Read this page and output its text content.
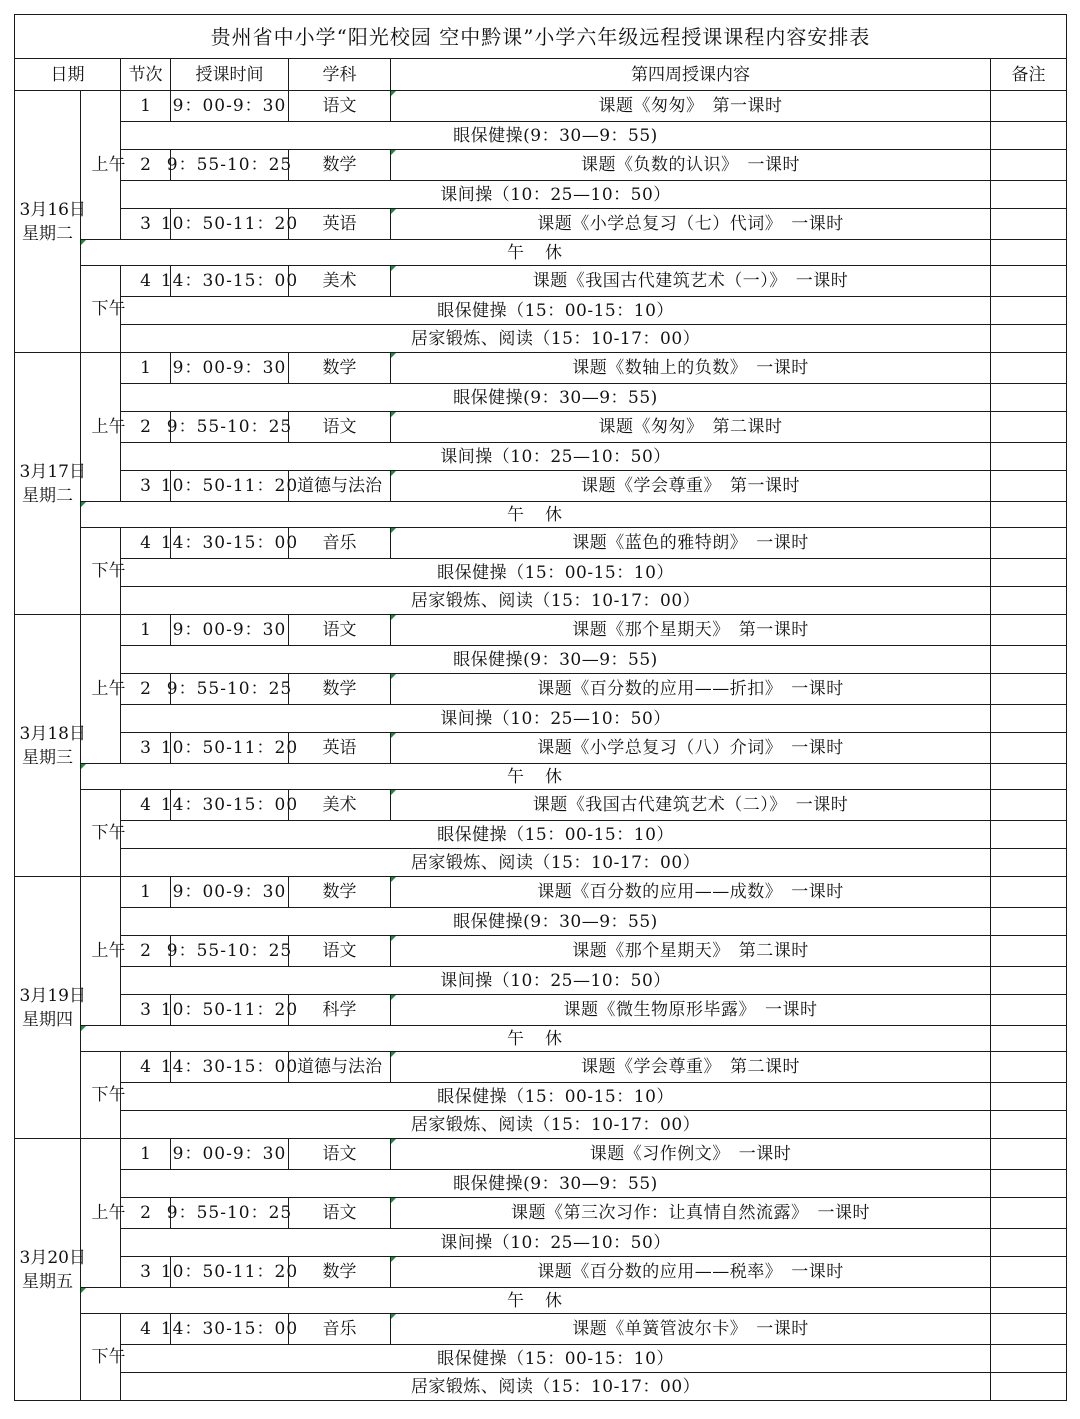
贵州省中小学“阳光校园 空中黔课”小学六年级远程授课课程内容安排表						
日期		节次	授课时间	学科	第四周授课内容	备注

3月16日
星期二	上午	1	9：00-9：30	语文	课题《匆匆》　第一课时	
		眼保健操(9：30—9：55)				
		2	9：55-10：25	数学	课题《负数的认识》　一课时	
		课间操（10：25—10：50）				
		3	10：50-11：20	英语	课题《小学总复习（七）代词》　一课时	
	午　休					

	下午	4	14：30-15：00	美术	课题《我国古代建筑艺术（一）》　一课时	
		眼保健操（15：00-15：10）				
		居家锻炼、阅读（15：10-17：00）				

3月17日
星期二	上午	1	9：00-9：30	数学	课题《数轴上的负数》　一课时	
		眼保健操(9：30—9：55)				
		2	9：55-10：25	语文	课题《匆匆》　第二课时	
		课间操（10：25—10：50）				
		3	10：50-11：20	道德与法治	课题《学会尊重》　第一课时	
	午　休					

	下午	4	14：30-15：00	音乐	课题《蓝色的雅特朗》　一课时	
		眼保健操（15：00-15：10）				
		居家锻炼、阅读（15：10-17：00）				

3月18日
星期三	上午	1	9：00-9：30	语文	课题《那个星期天》　第一课时	
		眼保健操(9：30—9：55)				
		2	9：55-10：25	数学	课题《百分数的应用——折扣》　一课时	
		课间操（10：25—10：50）				
		3	10：50-11：20	英语	课题《小学总复习（八）介词》　一课时	
	午　休					

	下午	4	14：30-15：00	美术	课题《我国古代建筑艺术（二）》　一课时	
		眼保健操（15：00-15：10）				
		居家锻炼、阅读（15：10-17：00）				

3月19日
星期四	上午	1	9：00-9：30	数学	课题《百分数的应用——成数》　一课时	
		眼保健操(9：30—9：55)				
		2	9：55-10：25	语文	课题《那个星期天》　第二课时	
		课间操（10：25—10：50）				
		3	10：50-11：20	科学	课题《微生物原形毕露》　一课时	
	午　休					

	下午	4	14：30-15：00	道德与法治	课题《学会尊重》　第二课时	
		眼保健操（15：00-15：10）				
		居家锻炼、阅读（15：10-17：00）				

3月20日
星期五	上午	1	9：00-9：30	语文	课题《习作例文》　一课时	
		眼保健操(9：30—9：55)				
		2	9：55-10：25	语文	课题《第三次习作：让真情自然流露》　一课时	
		课间操（10：25—10：50）				
		3	10：50-11：20	数学	课题《百分数的应用——税率》　一课时	
	午　休					

	下午	4	14：30-15：00	音乐	课题《单簧管波尔卡》　一课时	
		眼保健操（15：00-15：10）				
		居家锻炼、阅读（15：10-17：00）				
